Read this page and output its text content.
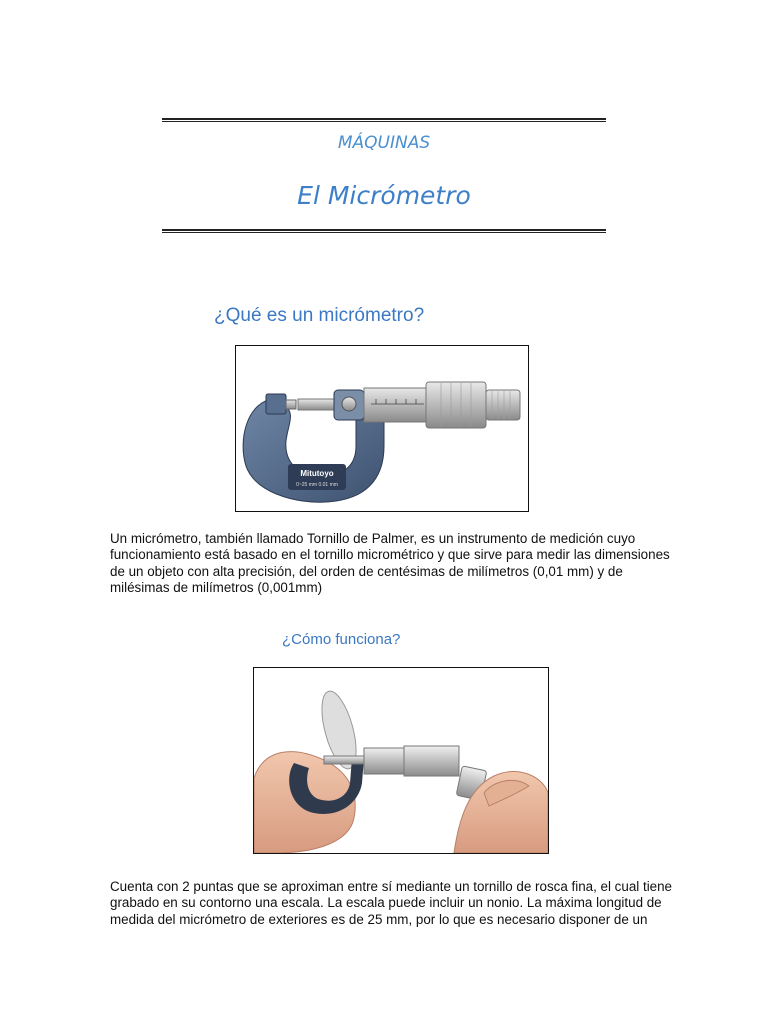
MÁQUINAS
El Micrómetro
¿Qué es un micrómetro?
Mitutoyo
0~25 mm 0.01 mm
Un micrómetro, también llamado Tornillo de Palmer, es un instrumento de medición cuyo funcionamiento está basado en el tornillo micrométrico y que sirve para medir las dimensiones de un objeto con alta precisión, del orden de centésimas de milímetros (0,01 mm) y de milésimas de milímetros (0,001mm)
¿Cómo funciona?
Cuenta con 2 puntas que se aproximan entre sí mediante un tornillo de rosca fina, el cual tiene grabado en su contorno una escala. La escala puede incluir un nonio. La máxima longitud de medida del micrómetro de exteriores es de 25 mm, por lo que es necesario disponer de un
